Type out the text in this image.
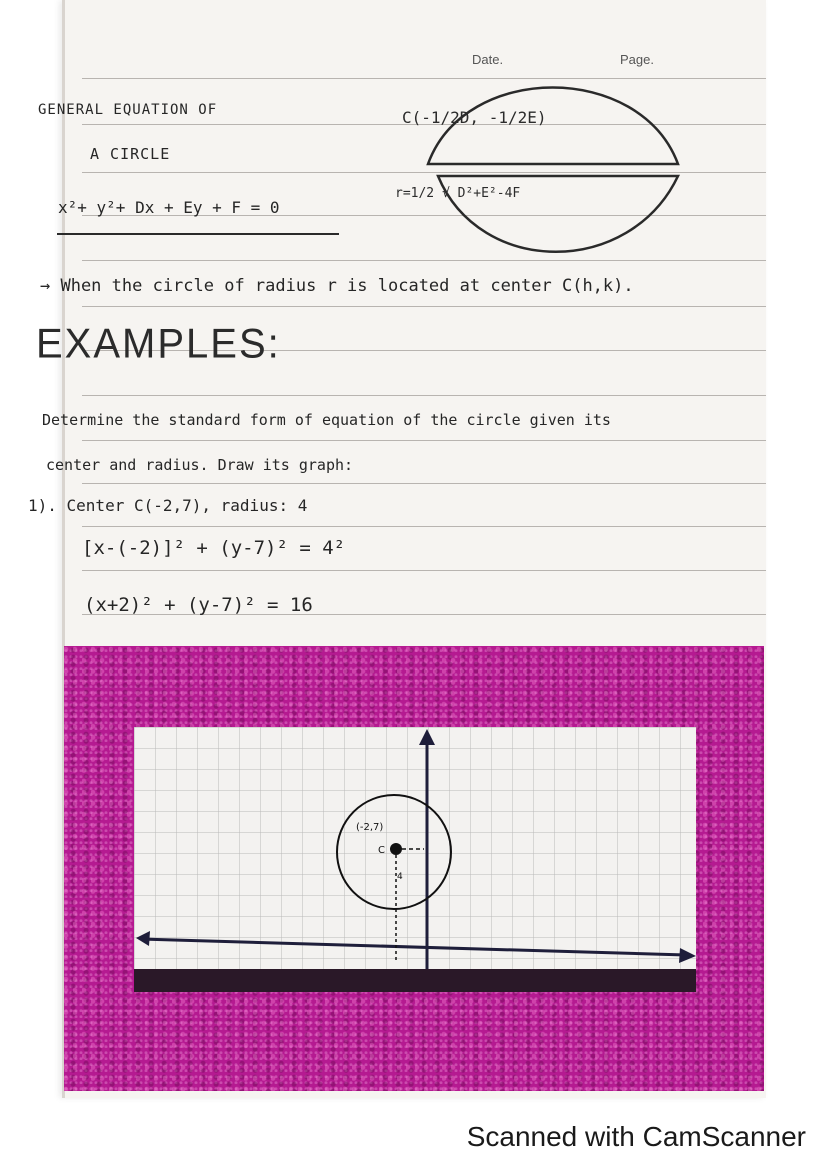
Date.	Page.
GENERAL EQUATION OF
A CIRCLE
x²+ y²+ Dx + Ey + F = 0
C(-1/2D, -1/2E)
r=1/2 √ D²+E²-4F
→ When the circle of radius r is located at center C(h,k).
EXAMPLES:
Determine the standard form of equation of the circle given its
center and radius. Draw its graph:
1). Center C(-2,7), radius: 4
[x-(-2)]² + (y-7)² = 4²
(x+2)² + (y-7)² = 16
(-2,7)
C
4
Scanned with CamScanner
